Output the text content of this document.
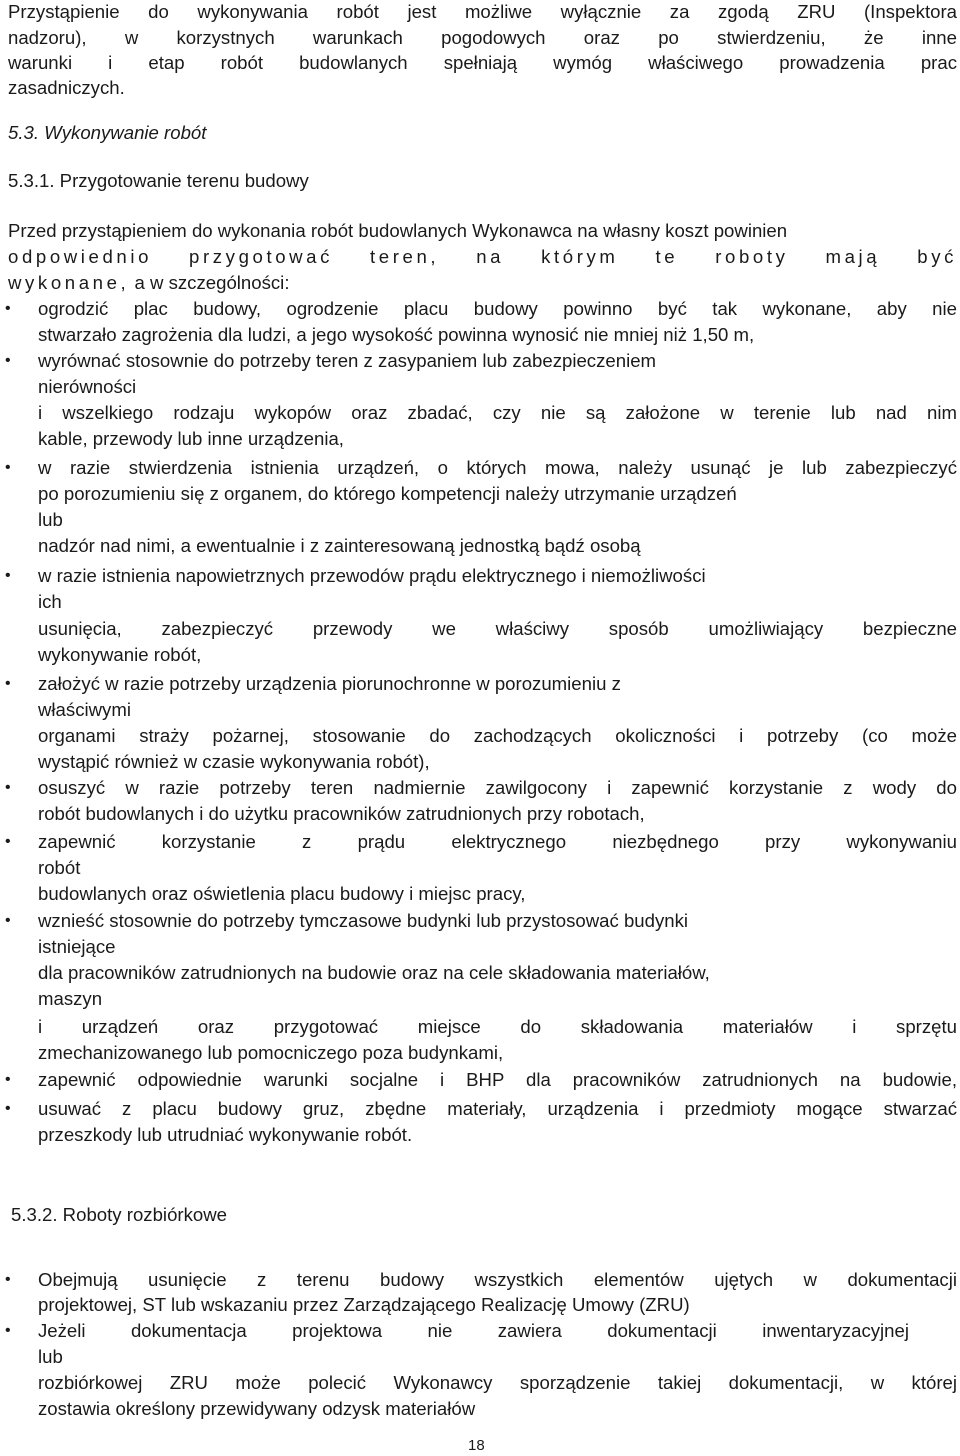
Przystąpienie do wykonywania robót jest możliwe wyłącznie za zgodą ZRU (Inspektora
nadzoru), w korzystnych warunkach pogodowych oraz po stwierdzeniu, że inne
warunki i etap robót budowlanych spełniają wymóg właściwego prowadzenia prac
zasadniczych.
5.3. Wykonywanie robót
5.3.1. Przygotowanie terenu budowy
Przed przystąpieniem do wykonania robót budowlanych Wykonawca na własny koszt powinien
odpowiednio przygotować teren, na którym te roboty mają być
wykonane, a w szczególności:
• ogrodzić plac budowy, ogrodzenie placu budowy powinno być tak wykonane, aby nie
stwarzało zagrożenia dla ludzi, a jego wysokość powinna wynosić nie mniej niż 1,50 m,
• wyrównać stosownie do potrzeby teren z zasypaniem lub zabezpieczeniem
nierówności
i wszelkiego rodzaju wykopów oraz zbadać, czy nie są założone w terenie lub nad nim
kable, przewody lub inne urządzenia,
• w razie stwierdzenia istnienia urządzeń, o których mowa, należy usunąć je lub zabezpieczyć
po porozumieniu się z organem, do którego kompetencji należy utrzymanie urządzeń
lub
nadzór nad nimi, a ewentualnie i z zainteresowaną jednostką bądź osobą
• w razie istnienia napowietrznych przewodów prądu elektrycznego i niemożliwości
ich
usunięcia, zabezpieczyć przewody we właściwy sposób umożliwiający bezpieczne
wykonywanie robót,
• założyć w razie potrzeby urządzenia piorunochronne w porozumieniu z
właściwymi
organami straży pożarnej, stosowanie do zachodzących okoliczności i potrzeby (co może
wystąpić również w czasie wykonywania robót),
• osuszyć w razie potrzeby teren nadmiernie zawilgocony i zapewnić korzystanie z wody do
robót budowlanych i do użytku pracowników zatrudnionych przy robotach,
• zapewnić korzystanie z prądu elektrycznego niezbędnego przy wykonywaniu
robót
budowlanych oraz oświetlenia placu budowy i miejsc pracy,
• wznieść stosownie do potrzeby tymczasowe budynki lub przystosować budynki
istniejące
dla pracowników zatrudnionych na budowie oraz na cele składowania materiałów,
maszyn
i urządzeń oraz przygotować miejsce do składowania materiałów i sprzętu
zmechanizowanego lub pomocniczego poza budynkami,
• zapewnić odpowiednie warunki socjalne i BHP dla pracowników zatrudnionych na budowie,
• usuwać z placu budowy gruz, zbędne materiały, urządzenia i przedmioty mogące stwarzać
przeszkody lub utrudniać wykonywanie robót.
5.3.2. Roboty rozbiórkowe
• Obejmują usunięcie z terenu budowy wszystkich elementów ujętych w dokumentacji
projektowej, ST lub wskazaniu przez Zarządzającego Realizację Umowy (ZRU)
• Jeżeli dokumentacja projektowa nie zawiera dokumentacji inwentaryzacyjnej
lub
rozbiórkowej ZRU może polecić Wykonawcy sporządzenie takiej dokumentacji, w której
zostawia określony przewidywany odzysk materiałów
18
